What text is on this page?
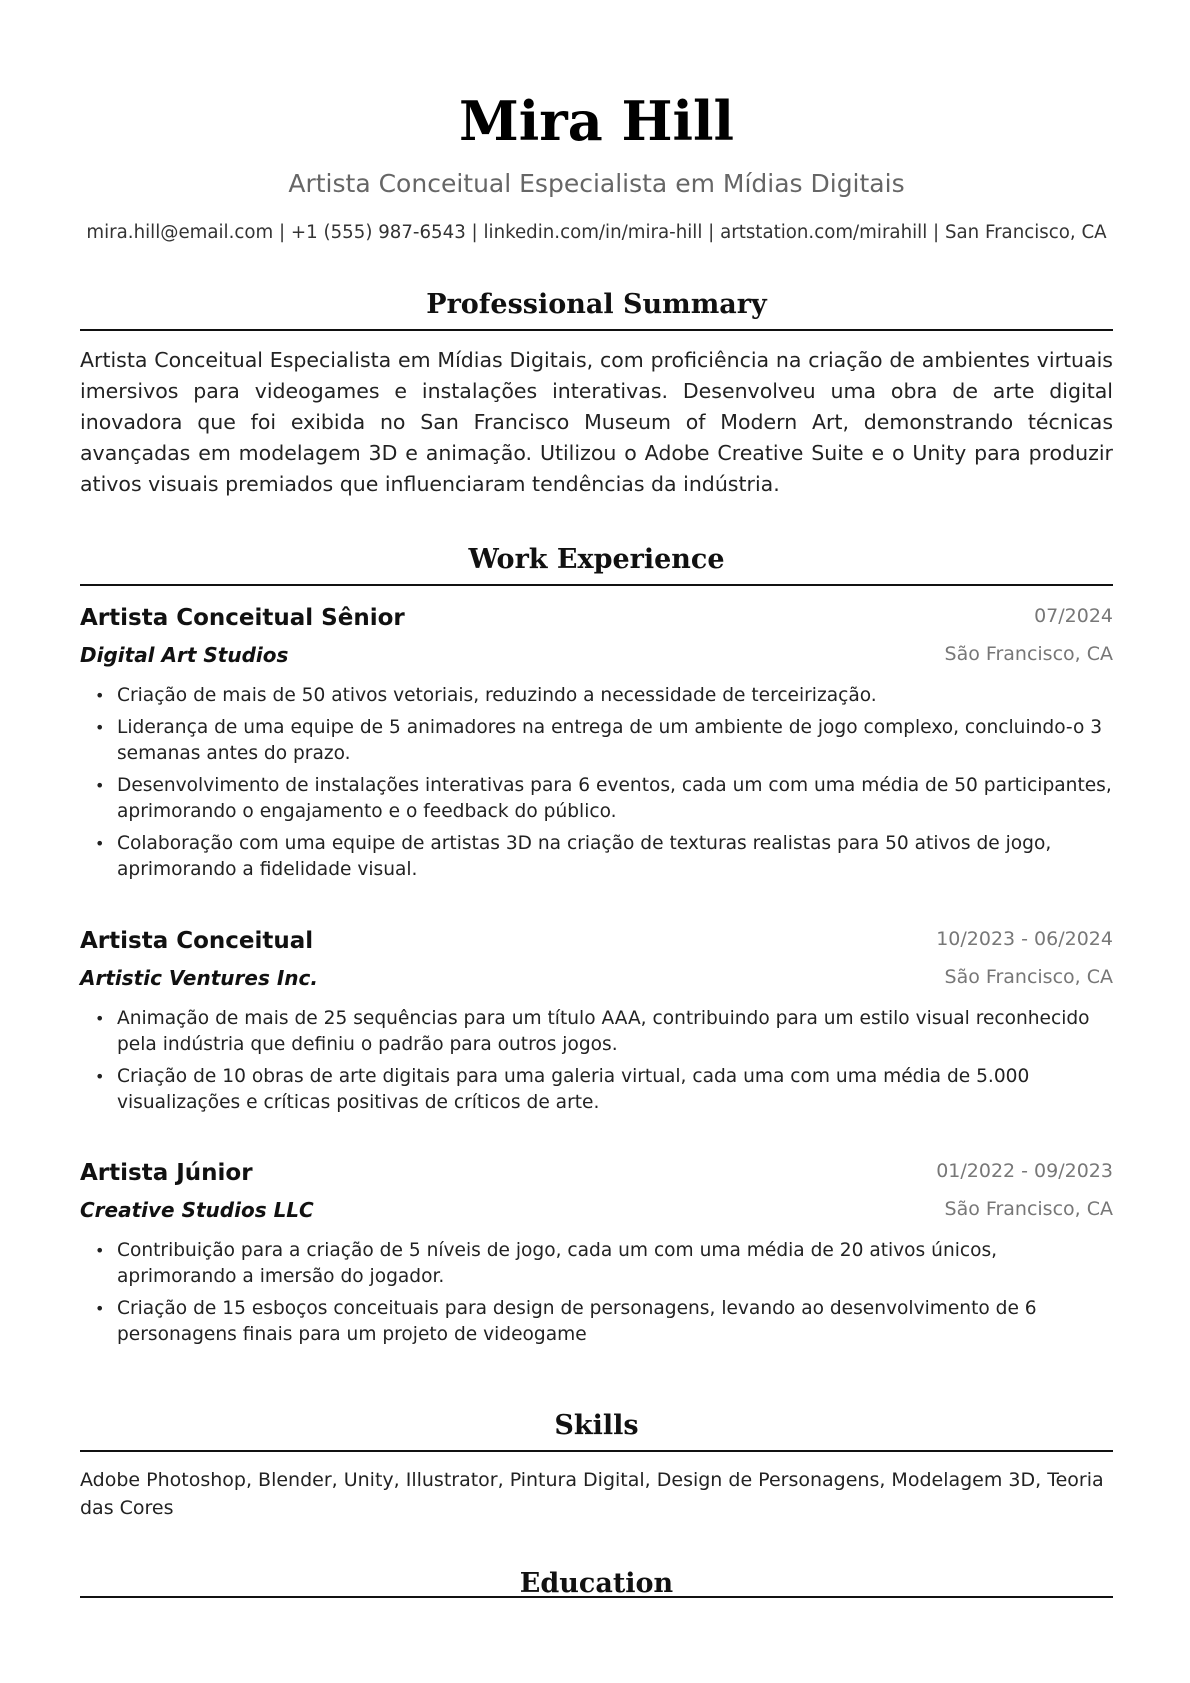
Mira Hill
Artista Conceitual Especialista em Mídias Digitais
mira.hill@email.com | +1 (555) 987-6543 | linkedin.com/in/mira-hill | artstation.com/mirahill | San Francisco, CA
Professional Summary
Artista Conceitual Especialista em Mídias Digitais, com proficiência na criação de ambientes virtuais imersivos para videogames e instalações interativas. Desenvolveu uma obra de arte digital inovadora que foi exibida no San Francisco Museum of Modern Art, demonstrando técnicas avançadas em modelagem 3D e animação. Utilizou o Adobe Creative Suite e o Unity para produzir ativos visuais premiados que influenciaram tendências da indústria.
Work Experience
Artista Conceitual Sênior	07/2024
Digital Art Studios	São Francisco, CA
• Criação de mais de 50 ativos vetoriais, reduzindo a necessidade de terceirização.
• Liderança de uma equipe de 5 animadores na entrega de um ambiente de jogo complexo, concluindo-o 3 semanas antes do prazo.
• Desenvolvimento de instalações interativas para 6 eventos, cada um com uma média de 50 participantes, aprimorando o engajamento e o feedback do público.
• Colaboração com uma equipe de artistas 3D na criação de texturas realistas para 50 ativos de jogo, aprimorando a fidelidade visual.
Artista Conceitual	10/2023 - 06/2024
Artistic Ventures Inc.	São Francisco, CA
• Animação de mais de 25 sequências para um título AAA, contribuindo para um estilo visual reconhecido pela indústria que definiu o padrão para outros jogos.
• Criação de 10 obras de arte digitais para uma galeria virtual, cada uma com uma média de 5.000 visualizações e críticas positivas de críticos de arte.
Artista Júnior	01/2022 - 09/2023
Creative Studios LLC	São Francisco, CA
• Contribuição para a criação de 5 níveis de jogo, cada um com uma média de 20 ativos únicos, aprimorando a imersão do jogador.
• Criação de 15 esboços conceituais para design de personagens, levando ao desenvolvimento de 6 personagens finais para um projeto de videogame
Skills
Adobe Photoshop, Blender, Unity, Illustrator, Pintura Digital, Design de Personagens, Modelagem 3D, Teoria das Cores
Education
